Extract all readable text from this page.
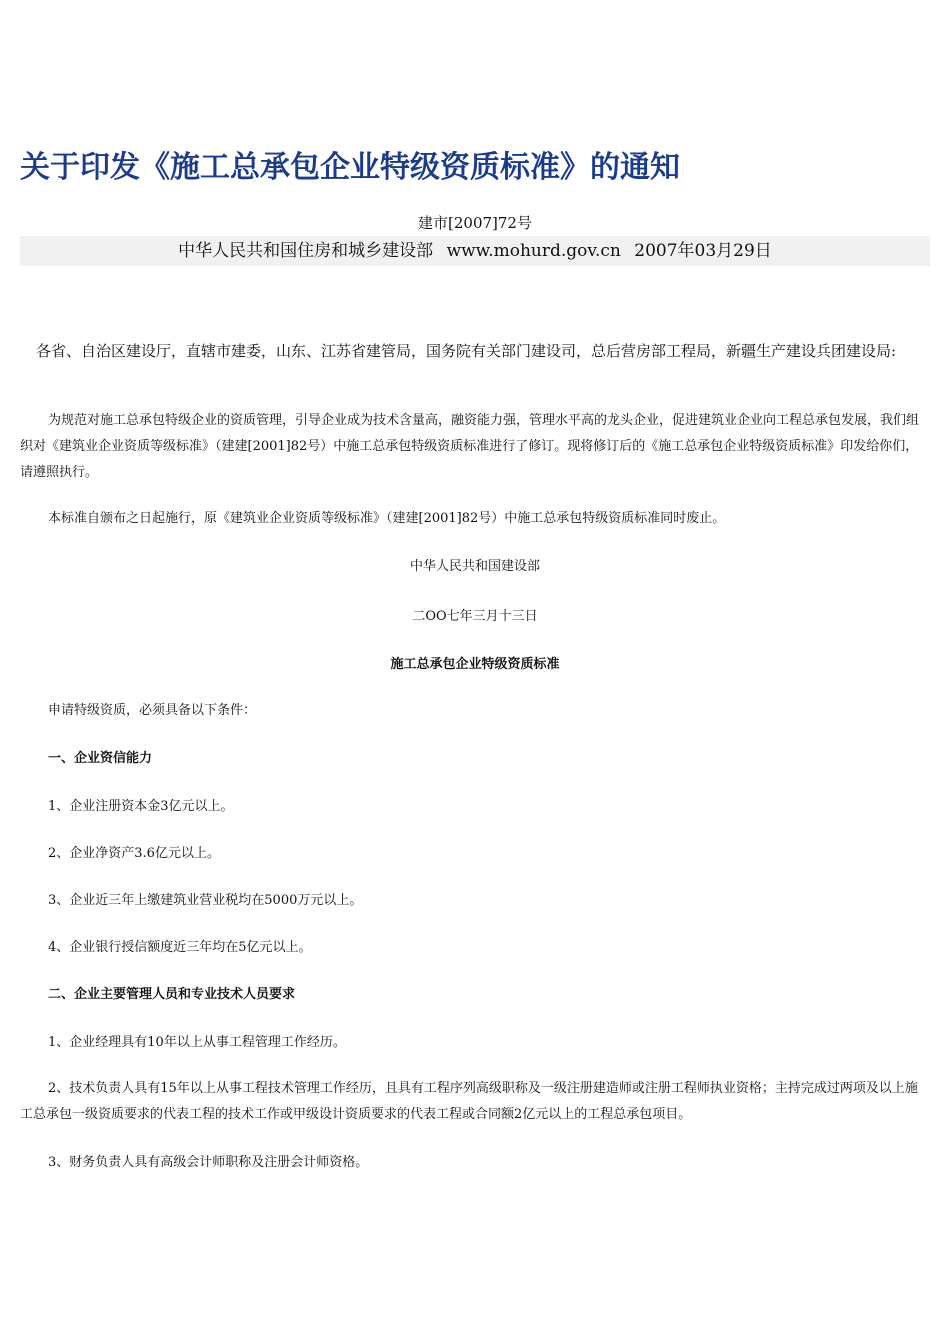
关于印发《施工总承包企业特级资质标准》的通知
建市[2007]72号
中华人民共和国住房和城乡建设部 www.mohurd.gov.cn 2007年03月29日

各省、自治区建设厅，直辖市建委，山东、江苏省建管局，国务院有关部门建设司，总后营房部工程局，新疆生产建设兵团建设局:

为规范对施工总承包特级企业的资质管理，引导企业成为技术含量高，融资能力强，管理水平高的龙头企业，促进建筑业企业向工程总承包发展，我们组织对《建筑业企业资质等级标准》（建建[2001]82号）中施工总承包特级资质标准进行了修订。现将修订后的《施工总承包企业特级资质标准》印发给你们，请遵照执行。

本标准自颁布之日起施行，原《建筑业企业资质等级标准》（建建[2001]82号）中施工总承包特级资质标准同时废止。

中华人民共和国建设部

二OO七年三月十三日

施工总承包企业特级资质标准

申请特级资质，必须具备以下条件：

一、企业资信能力

1、企业注册资本金3亿元以上。

2、企业净资产3.6亿元以上。

3、企业近三年上缴建筑业营业税均在5000万元以上。

4、企业银行授信额度近三年均在5亿元以上。

二、企业主要管理人员和专业技术人员要求

1、企业经理具有10年以上从事工程管理工作经历。

2、技术负责人具有15年以上从事工程技术管理工作经历，且具有工程序列高级职称及一级注册建造师或注册工程师执业资格；主持完成过两项及以上施工总承包一级资质要求的代表工程的技术工作或甲级设计资质要求的代表工程或合同额2亿元以上的工程总承包项目。

3、财务负责人具有高级会计师职称及注册会计师资格。
